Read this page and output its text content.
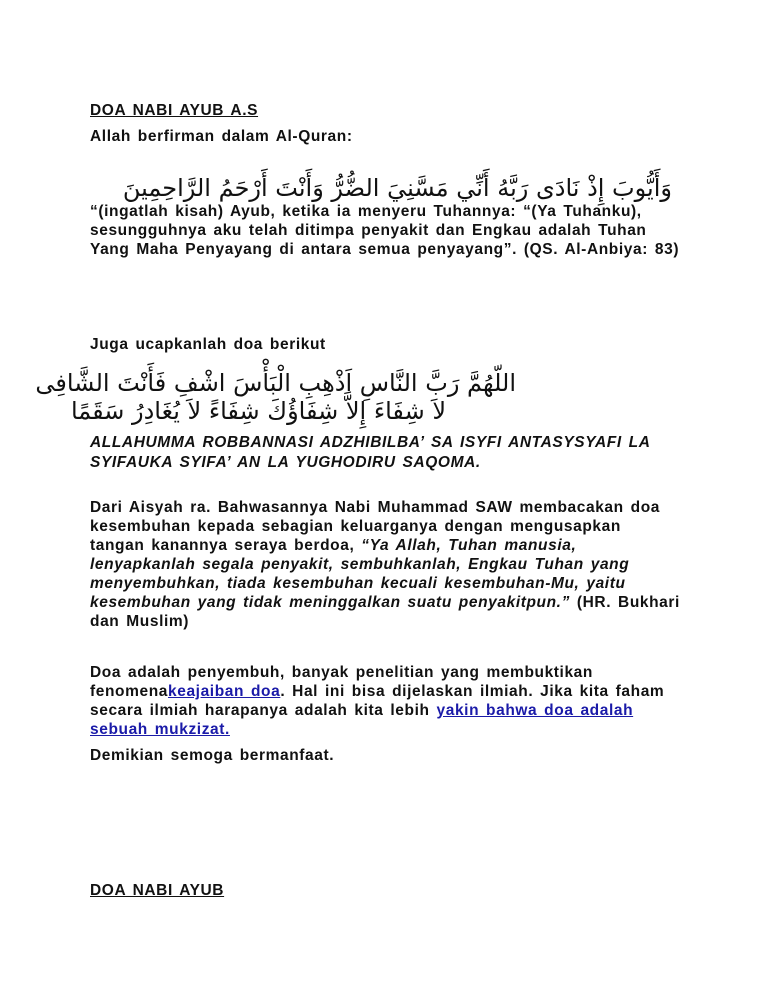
DOA NABI AYUB A.S

Allah berfirman dalam Al-Quran:

وَأَيُّوبَ إِذْ نَادَى رَبَّهُ أَنِّي مَسَّنِيَ الضُّرُّ وَأَنْتَ أَرْحَمُ الرَّاحِمِينَ

“(ingatlah kisah) Ayub, ketika ia menyeru Tuhannya: “(Ya Tuhanku), sesungguhnya aku telah ditimpa penyakit dan Engkau adalah Tuhan Yang Maha Penyayang di antara semua penyayang”. (QS. Al-Anbiya: 83)

Juga ucapkanlah doa berikut

اللّهُمَّ رَبَّ النَّاسِ اَذْهِبِ الْبَأْسَ اشْفِ فَأَنْتَ الشَّافِى

لاَ شِفَاءَ إِلاَّ شِفَاؤُكَ شِفَاءً لاَ يُغَادِرُ سَقَمًا

ALLAHUMMA ROBBANNASI ADZHIBILBA’ SA ISYFI ANTASYSYAFI LA SYIFAUKA SYIFA’ AN LA YUGHODIRU SAQOMA.

Dari Aisyah ra. Bahwasannya Nabi Muhammad SAW membacakan doa kesembuhan kepada sebagian keluarganya dengan mengusapkan tangan kanannya seraya berdoa, “Ya Allah, Tuhan manusia, lenyapkanlah segala penyakit, sembuhkanlah, Engkau Tuhan yang menyembuhkan, tiada kesembuhan kecuali kesembuhan-Mu, yaitu kesembuhan yang tidak meninggalkan suatu penyakitpun.” (HR. Bukhari dan Muslim)

Doa adalah penyembuh, banyak penelitian yang membuktikan fenomenakeajaiban doa. Hal ini bisa dijelaskan ilmiah. Jika kita faham secara ilmiah harapanya adalah kita lebih yakin bahwa doa adalah sebuah mukzizat.

Demikian semoga bermanfaat.

DOA NABI AYUB
